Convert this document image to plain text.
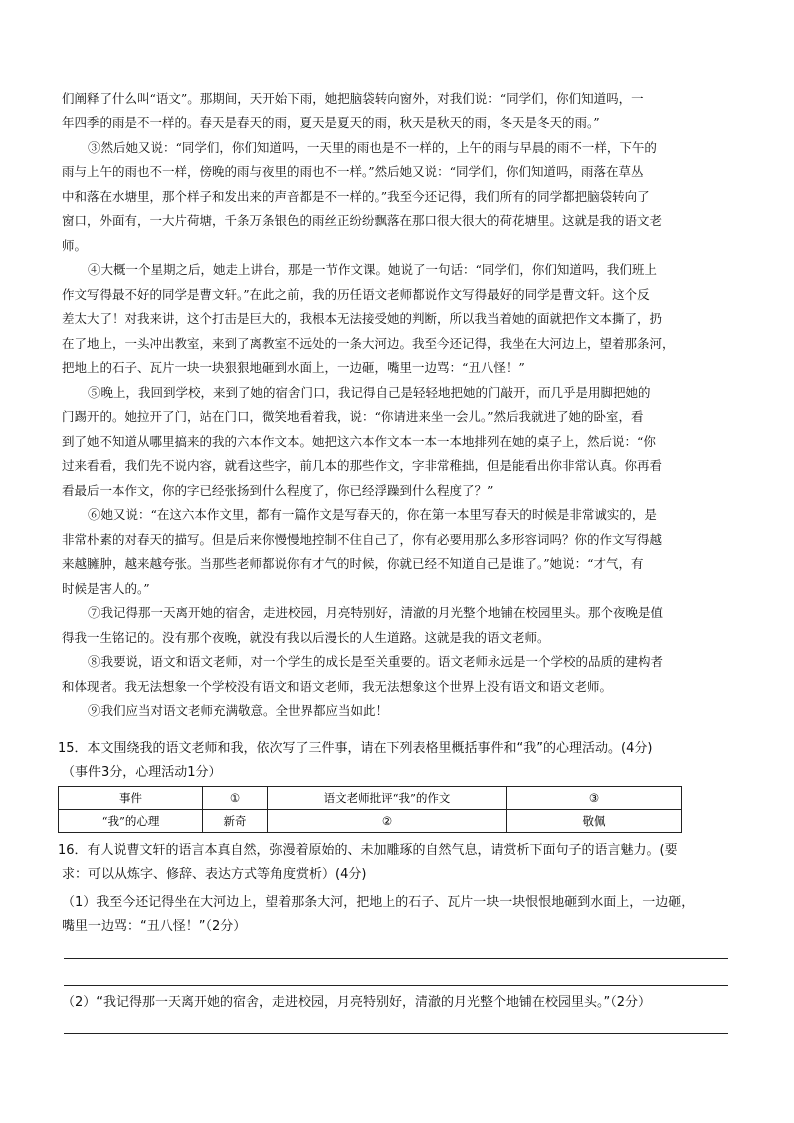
们阐释了什么叫“语文”。那期间，天开始下雨，她把脑袋转向窗外，对我们说：“同学们，你们知道吗，一
年四季的雨是不一样的。春天是春天的雨，夏天是夏天的雨，秋天是秋天的雨，冬天是冬天的雨。”
③然后她又说：“同学们，你们知道吗，一天里的雨也是不一样的，上午的雨与早晨的雨不一样，下午的
雨与上午的雨也不一样，傍晚的雨与夜里的雨也不一样。”然后她又说：“同学们，你们知道吗，雨落在草丛
中和落在水塘里，那个样子和发出来的声音都是不一样的。”我至今还记得，我们所有的同学都把脑袋转向了
窗口，外面有，一大片荷塘，千条万条银色的雨丝正纷纷飘落在那口很大很大的荷花塘里。这就是我的语文老
师。
④大概一个星期之后，她走上讲台，那是一节作文课。她说了一句话：“同学们，你们知道吗，我们班上
作文写得最不好的同学是曹文轩。”在此之前，我的历任语文老师都说作文写得最好的同学是曹文轩。这个反
差太大了！对我来讲，这个打击是巨大的，我根本无法接受她的判断，所以我当着她的面就把作文本撕了，扔
在了地上，一头冲出教室，来到了离教室不远处的一条大河边。我至今还记得，我坐在大河边上，望着那条河，
把地上的石子、瓦片一块一块狠狠地砸到水面上，一边砸，嘴里一边骂：“丑八怪！”
⑤晚上，我回到学校，来到了她的宿舍门口，我记得自己是轻轻地把她的门敲开，而几乎是用脚把她的
门踢开的。她拉开了门，站在门口，微笑地看着我，说：“你请进来坐一会儿。”然后我就进了她的卧室，看
到了她不知道从哪里搞来的我的六本作文本。她把这六本作文本一本一本地排列在她的桌子上，然后说：“你
过来看看，我们先不说内容，就看这些字，前几本的那些作文，字非常稚拙，但是能看出你非常认真。你再看
看最后一本作文，你的字已经张扬到什么程度了，你已经浮躁到什么程度了？”
⑥她又说：“在这六本作文里，都有一篇作文是写春天的，你在第一本里写春天的时候是非常诚实的，是
非常朴素的对春天的描写。但是后来你慢慢地控制不住自己了，你有必要用那么多形容词吗？你的作文写得越
来越臃肿，越来越夸张。当那些老师都说你有才气的时候，你就已经不知道自己是谁了。”她说：“才气，有
时候是害人的。”
⑦我记得那一天离开她的宿舍，走进校园，月亮特别好，清澈的月光整个地铺在校园里头。那个夜晚是值
得我一生铭记的。没有那个夜晚，就没有我以后漫长的人生道路。这就是我的语文老师。
⑧我要说，语文和语文老师，对一个学生的成长是至关重要的。语文老师永远是一个学校的品质的建构者
和体现者。我无法想象一个学校没有语文和语文老师，我无法想象这个世界上没有语文和语文老师。
⑨我们应当对语文老师充满敬意。全世界都应当如此！
15．本文围绕我的语文老师和我，依次写了三件事，请在下列表格里概括事件和“我”的心理活动。(4分)
（事件3分，心理活动1分）
事件	①	语文老师批评“我”的作文	③
“我”的心理	新奇	②	敬佩
16．有人说曹文轩的语言本真自然，弥漫着原始的、未加雕琢的自然气息，请赏析下面句子的语言魅力。(要
求：可以从炼字、修辞、表达方式等角度赏析）(4分)
（1）我至今还记得坐在大河边上，望着那条大河，把地上的石子、瓦片一块一块恨恨地砸到水面上，一边砸，
嘴里一边骂：“丑八怪！”（2分）
（2）“我记得那一天离开她的宿舍，走进校园，月亮特别好，清澈的月光整个地铺在校园里头。”（2分）
